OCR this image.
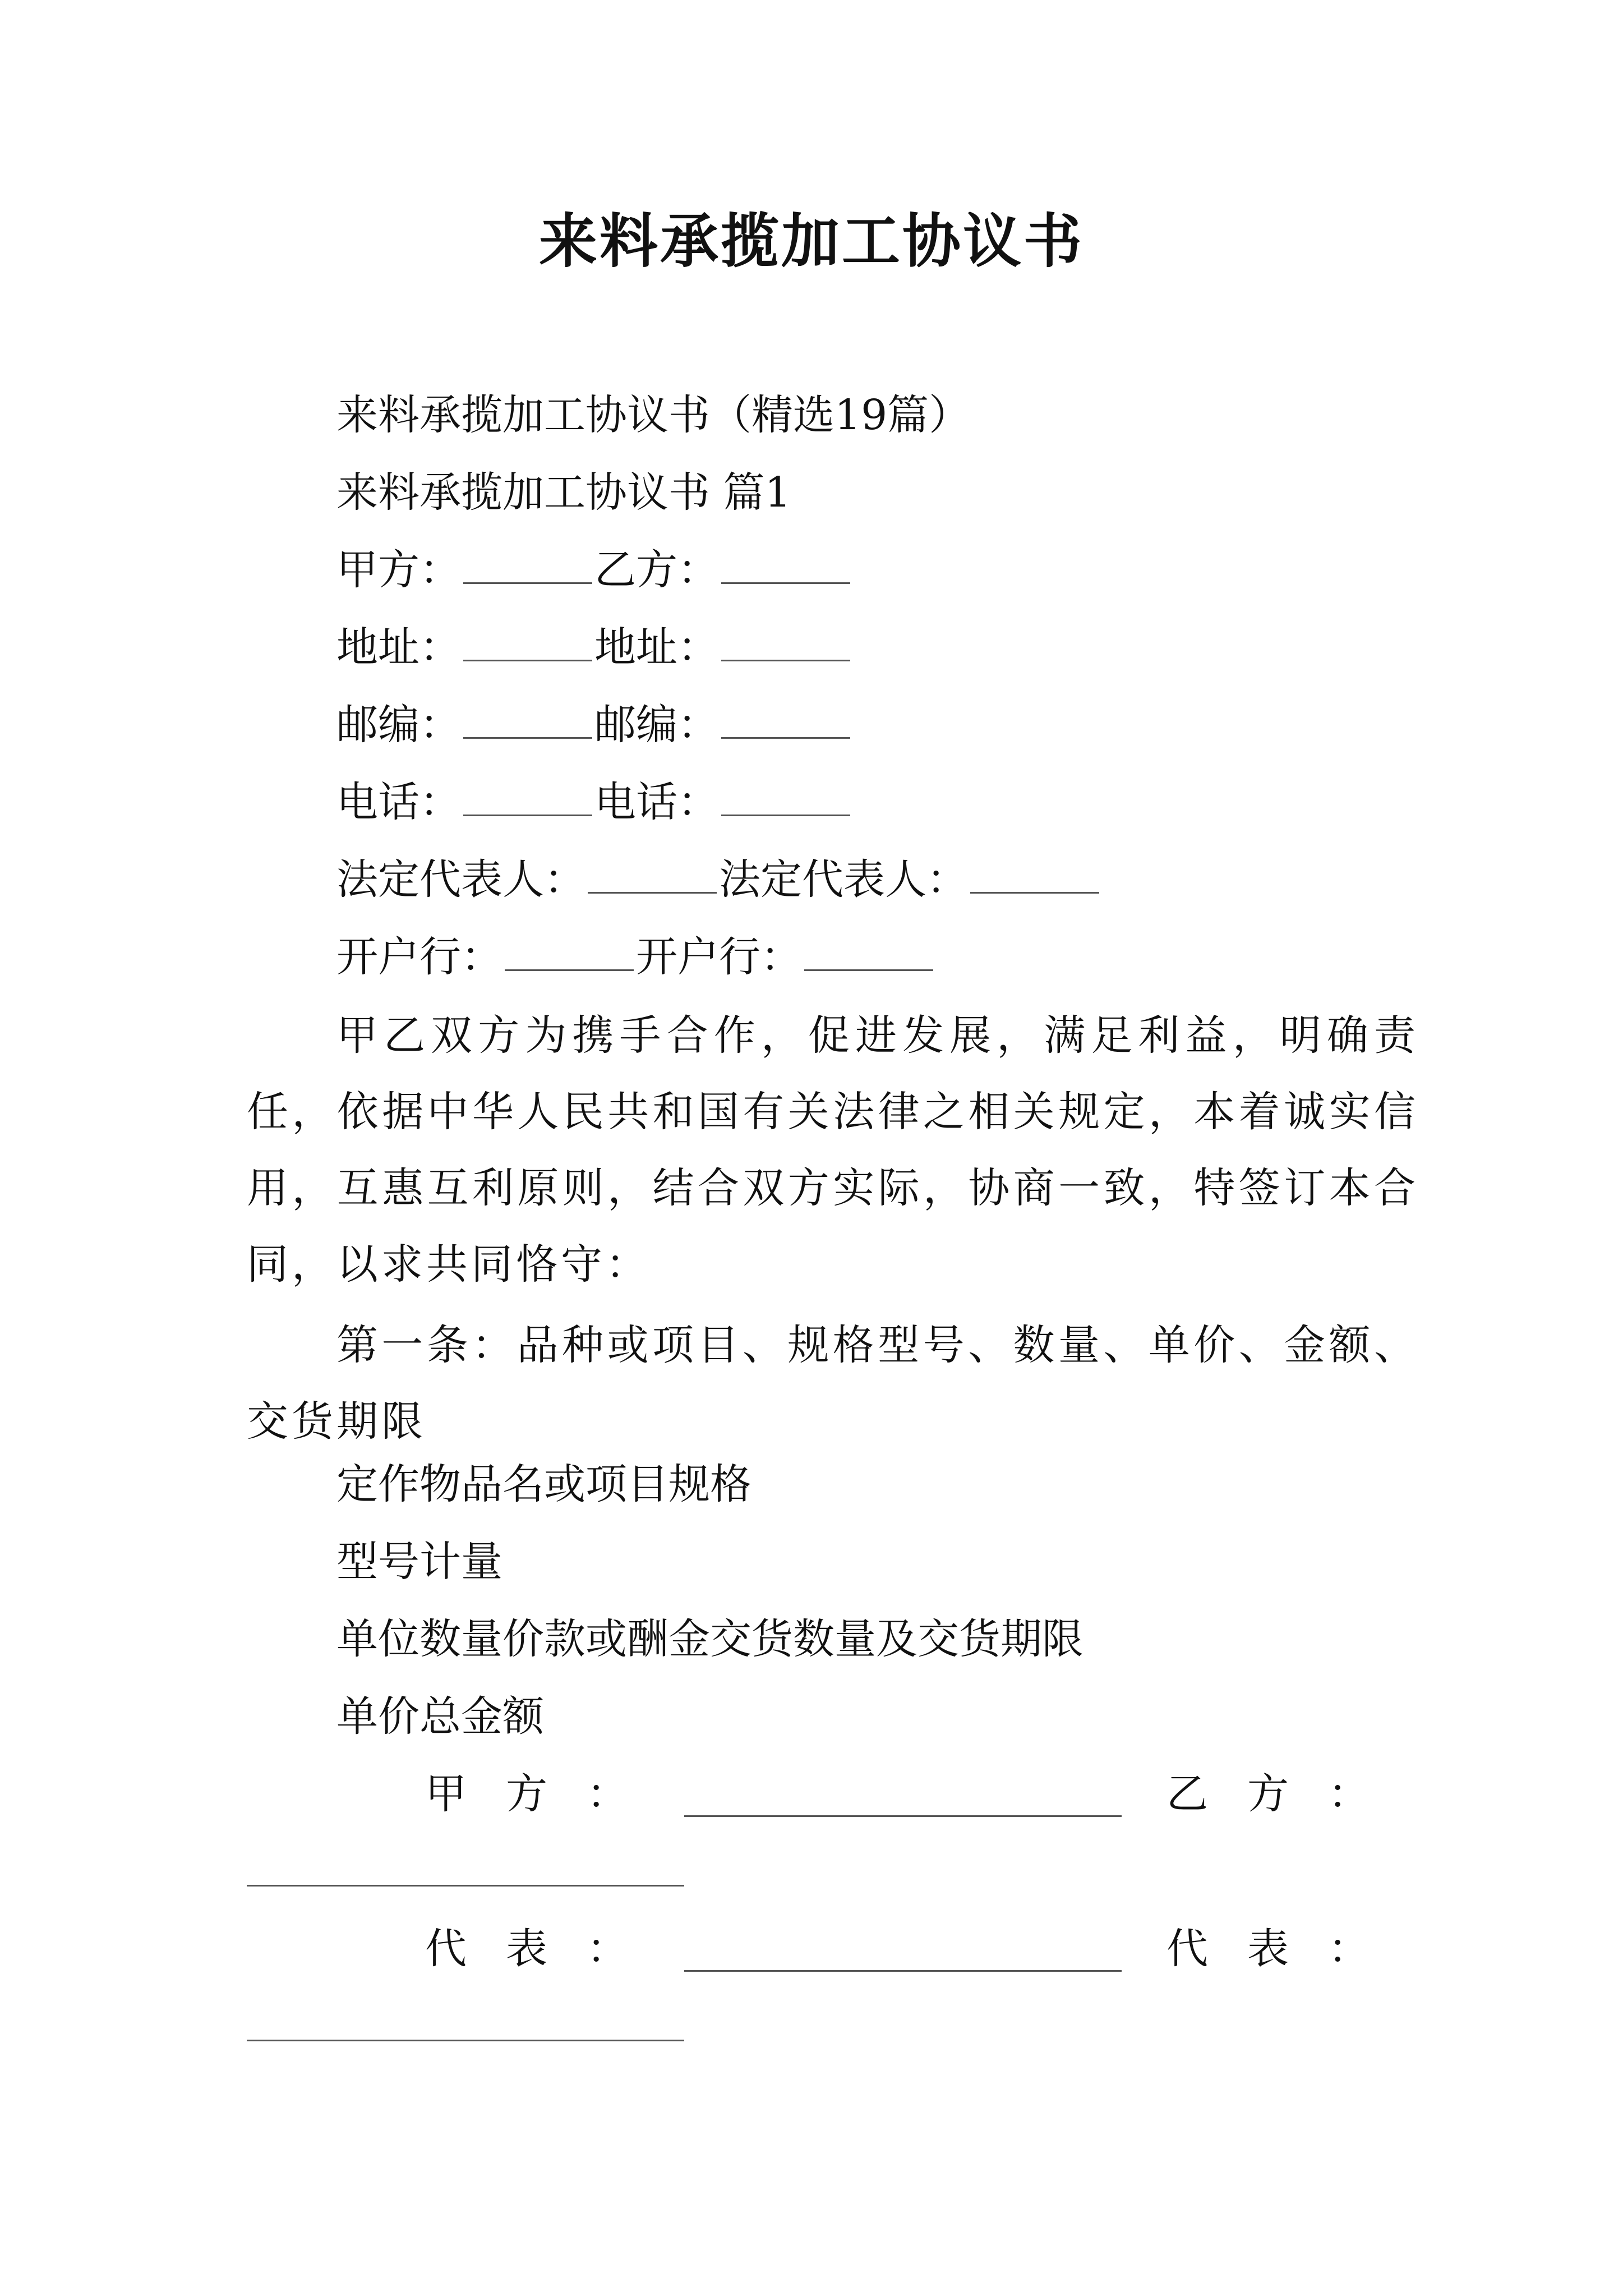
来料承揽加工协议书
来料承揽加工协议书（精选19篇）
来料承揽加工协议书 篇1
甲方：	乙方：
地址：	地址：
邮编：	邮编：
电话：	电话：
法定代表人：	法定代表人：
开户行：	开户行：
甲乙双方为携手合作，促进发展，满足利益，明确责任，依据中华人民共和国有关法律之相关规定，本着诚实信用，互惠互利原则，结合双方实际，协商一致，特签订本合同，以求共同恪守：
第一条：品种或项目、规格型号、数量、单价、金额、交货期限
定作物品名或项目规格
型号计量
单位数量价款或酬金交货数量及交货期限
单价总金额
甲方：	乙方：
代表：	代表：
